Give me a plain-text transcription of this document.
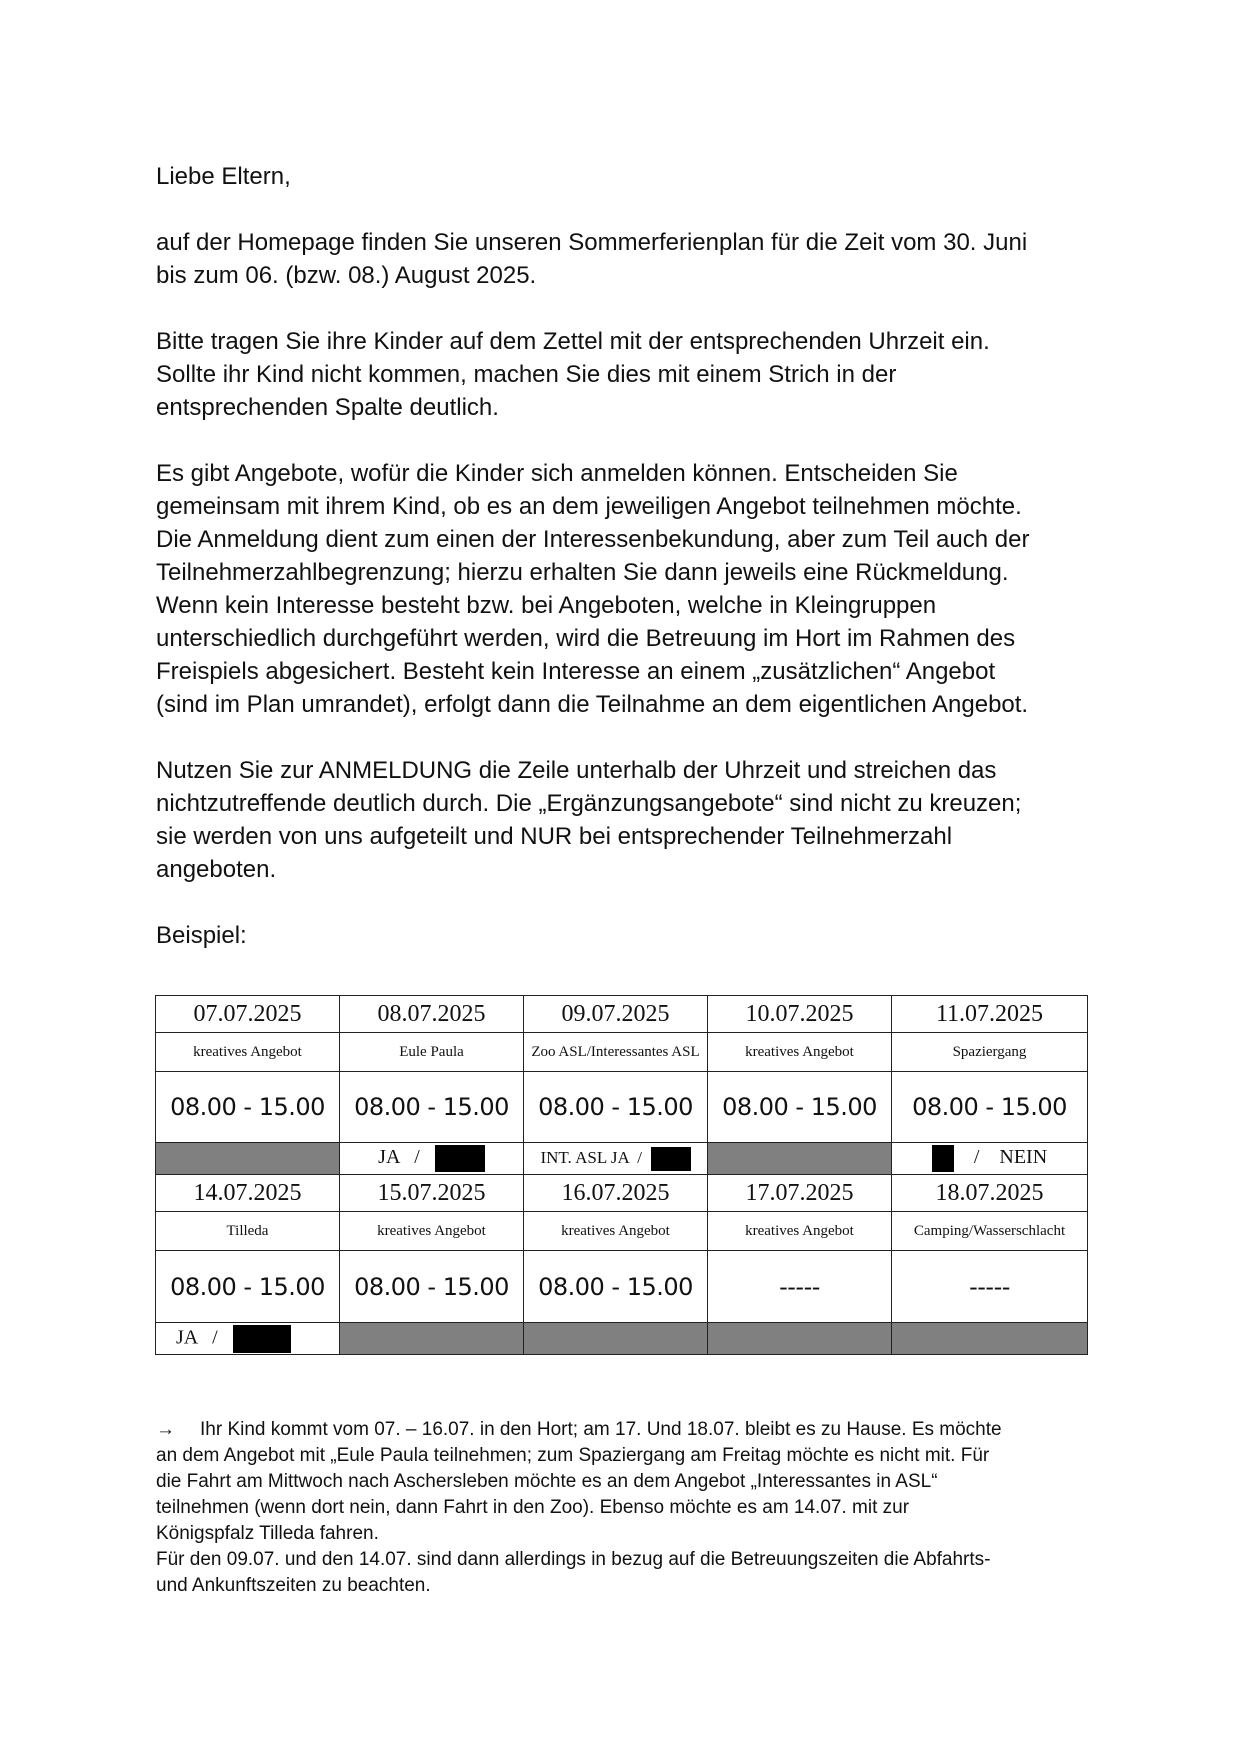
Liebe Eltern,

auf der Homepage finden Sie unseren Sommerferienplan für die Zeit vom 30. Juni
bis zum 06. (bzw. 08.) August 2025.

Bitte tragen Sie ihre Kinder auf dem Zettel mit der entsprechenden Uhrzeit ein.
Sollte ihr Kind nicht kommen, machen Sie dies mit einem Strich in der
entsprechenden Spalte deutlich.

Es gibt Angebote, wofür die Kinder sich anmelden können. Entscheiden Sie
gemeinsam mit ihrem Kind, ob es an dem jeweiligen Angebot teilnehmen möchte.
Die Anmeldung dient zum einen der Interessenbekundung, aber zum Teil auch der
Teilnehmerzahlbegrenzung; hierzu erhalten Sie dann jeweils eine Rückmeldung.
Wenn kein Interesse besteht bzw. bei Angeboten, welche in Kleingruppen
unterschiedlich durchgeführt werden, wird die Betreuung im Hort im Rahmen des
Freispiels abgesichert. Besteht kein Interesse an einem „zusätzlichen“ Angebot
(sind im Plan umrandet), erfolgt dann die Teilnahme an dem eigentlichen Angebot.

Nutzen Sie zur ANMELDUNG die Zeile unterhalb der Uhrzeit und streichen das
nichtzutreffende deutlich durch. Die „Ergänzungsangebote“ sind nicht zu kreuzen;
sie werden von uns aufgeteilt und NUR bei entsprechender Teilnehmerzahl
angeboten.

Beispiel:

07.07.2025	08.07.2025	09.07.2025	10.07.2025	11.07.2025
kreatives Angebot	Eule Paula	Zoo ASL/Interessantes ASL	kreatives Angebot	Spaziergang
08.00 - 15.00	08.00 - 15.00	08.00 - 15.00	08.00 - 15.00	08.00 - 15.00
	JA /	INT. ASL JA /		/ NEIN
14.07.2025	15.07.2025	16.07.2025	17.07.2025	18.07.2025
Tilleda	kreatives Angebot	kreatives Angebot	kreatives Angebot	Camping/Wasserschlacht
08.00 - 15.00	08.00 - 15.00	08.00 - 15.00	-----	-----
JA /				
→ Ihr Kind kommt vom 07. – 16.07. in den Hort; am 17. Und 18.07. bleibt es zu Hause. Es möchte
an dem Angebot mit „Eule Paula teilnehmen; zum Spaziergang am Freitag möchte es nicht mit. Für
die Fahrt am Mittwoch nach Aschersleben möchte es an dem Angebot „Interessantes in ASL“
teilnehmen (wenn dort nein, dann Fahrt in den Zoo). Ebenso möchte es am 14.07. mit zur
Königspfalz Tilleda fahren.
Für den 09.07. und den 14.07. sind dann allerdings in bezug auf die Betreuungszeiten die Abfahrts-
und Ankunftszeiten zu beachten.
